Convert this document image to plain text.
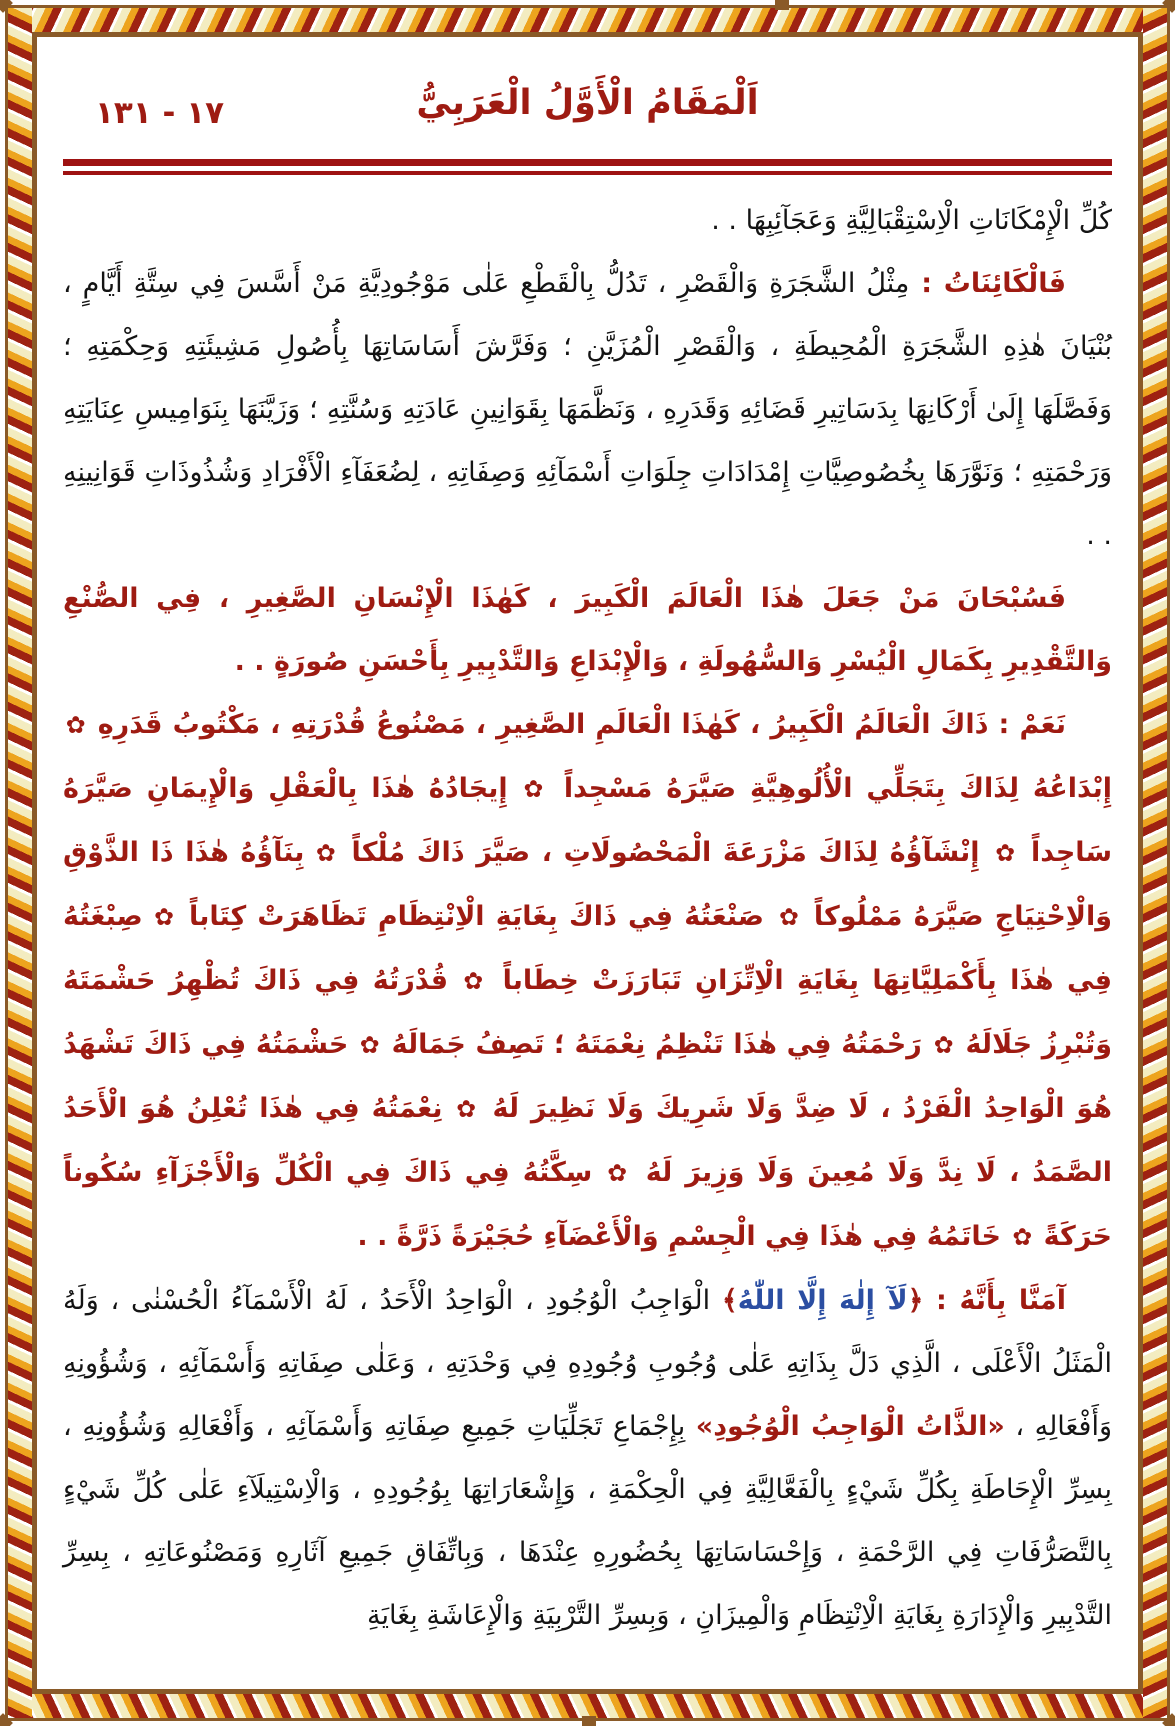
١٧ - ١٣١	اَلْمَقَامُ الْأَوَّلُ الْعَرَبِيُّ
كُلِّ الْإِمْكَانَاتِ الْاِسْتِقْبَالِيَّةِ وَعَجَآئِبِهَا . .
فَالْكَائِنَاتُ : مِثْلُ الشَّجَرَةِ وَالْقَصْرِ ، تَدُلُّ بِالْقَطْعِ عَلٰى مَوْجُودِيَّةِ مَنْ أَسَّسَ فِي سِتَّةِ أَيَّامٍ ، بُنْيَانَ هٰذِهِ الشَّجَرَةِ الْمُحِيطَةِ ، وَالْقَصْرِ الْمُزَيَّنِ ؛ وَفَرَّشَ أَسَاسَاتِهَا بِأُصُولِ مَشِيئَتِهِ وَحِكْمَتِهِ ؛ وَفَصَّلَهَا إِلَىٰ أَرْكَانِهَا بِدَسَاتِيرِ قَضَائِهِ وَقَدَرِهِ ، وَنَظَّمَهَا بِقَوَانِينِ عَادَتِهِ وَسُنَّتِهِ ؛ وَزَيَّنَهَا بِنَوَامِيسِ عِنَايَتِهِ وَرَحْمَتِهِ ؛ وَنَوَّرَهَا بِخُصُوصِيَّاتِ إِمْدَادَاتِ جِلَوَاتِ أَسْمَآئِهِ وَصِفَاتِهِ ، لِضُعَفَآءِ الْأَفْرَادِ وَشُذُوذَاتِ قَوَانِينِهِ . .
فَسُبْحَانَ مَنْ جَعَلَ هٰذَا الْعَالَمَ الْكَبِيرَ ، كَهٰذَا الْإِنْسَانِ الصَّغِيرِ ، فِي الصُّنْعِ وَالتَّقْدِيرِ بِكَمَالِ الْيُسْرِ وَالسُّهُولَةِ ، وَالْإِبْدَاعِ وَالتَّدْبِيرِ بِأَحْسَنِ صُورَةٍ . .
نَعَمْ : ذَاكَ الْعَالَمُ الْكَبِيرُ ، كَهٰذَا الْعَالَمِ الصَّغِيرِ ، مَصْنُوعُ قُدْرَتِهِ ، مَكْتُوبُ قَدَرِهِ ✿ إِبْدَاعُهُ لِذَاكَ بِتَجَلِّي الْأُلُوهِيَّةِ صَيَّرَهُ مَسْجِداً ✿ إِيجَادُهُ هٰذَا بِالْعَقْلِ وَالْإِيمَانِ صَيَّرَهُ سَاجِداً ✿ إِنْشَآؤُهُ لِذَاكَ مَزْرَعَةَ الْمَحْصُولَاتِ ، صَيَّرَ ذَاكَ مُلْكاً ✿ بِنَآؤُهُ هٰذَا ذَا الذَّوْقِ وَالْاِحْتِيَاجِ صَيَّرَهُ مَمْلُوكاً ✿ صَنْعَتُهُ فِي ذَاكَ بِغَايَةِ الْاِنْتِظَامِ تَظَاهَرَتْ كِتَاباً ✿ صِبْغَتُهُ فِي هٰذَا بِأَكْمَلِيَّاتِهَا بِغَايَةِ الْاِتِّزَانِ تَبَارَزَتْ خِطَاباً ✿ قُدْرَتُهُ فِي ذَاكَ تُظْهِرُ حَشْمَتَهُ وَتُبْرِزُ جَلَالَهُ ✿ رَحْمَتُهُ فِي هٰذَا تَنْظِمُ نِعْمَتَهُ ؛ تَصِفُ جَمَالَهُ ✿ حَشْمَتُهُ فِي ذَاكَ تَشْهَدُ هُوَ الْوَاحِدُ الْفَرْدُ ، لَا ضِدَّ وَلَا شَرِيكَ وَلَا نَظِيرَ لَهُ ✿ نِعْمَتُهُ فِي هٰذَا تُعْلِنُ هُوَ الْأَحَدُ الصَّمَدُ ، لَا نِدَّ وَلَا مُعِينَ وَلَا وَزِيرَ لَهُ ✿ سِكَّتُهُ فِي ذَاكَ فِي الْكُلِّ وَالْأَجْزَآءِ سُكُوناً حَرَكَةً ✿ خَاتَمُهُ فِي هٰذَا فِي الْجِسْمِ وَالْأَعْضَآءِ حُجَيْرَةً ذَرَّةً . .
آمَنَّا بِأَنَّهُ : ﴿لَآ إِلٰهَ إِلَّا اللّٰهُ﴾ الْوَاجِبُ الْوُجُودِ ، الْوَاحِدُ الْأَحَدُ ، لَهُ الْأَسْمَآءُ الْحُسْنٰى ، وَلَهُ الْمَثَلُ الْأَعْلَى ، الَّذِي دَلَّ بِذَاتِهِ عَلٰى وُجُوبِ وُجُودِهِ فِي وَحْدَتِهِ ، وَعَلٰى صِفَاتِهِ وَأَسْمَآئِهِ ، وَشُؤُونِهِ وَأَفْعَالِهِ ، «الذَّاتُ الْوَاجِبُ الْوُجُودِ» بِإِجْمَاعِ تَجَلِّيَاتِ جَمِيعِ صِفَاتِهِ وَأَسْمَآئِهِ ، وَأَفْعَالِهِ وَشُؤُونِهِ ، بِسِرِّ الْإِحَاطَةِ بِكُلِّ شَيْءٍ بِالْفَعَّالِيَّةِ فِي الْحِكْمَةِ ، وَإِشْعَارَاتِهَا بِوُجُودِهِ ، وَالْاِسْتِيلَآءِ عَلٰى كُلِّ شَيْءٍ بِالتَّصَرُّفَاتِ فِي الرَّحْمَةِ ، وَإِحْسَاسَاتِهَا بِحُضُورِهِ عِنْدَهَا ، وَبِاتِّفَاقِ جَمِيعِ آثَارِهِ وَمَصْنُوعَاتِهِ ، بِسِرِّ التَّدْبِيرِ وَالْإِدَارَةِ بِغَايَةِ الْاِنْتِظَامِ وَالْمِيزَانِ ، وَبِسِرِّ التَّرْبِيَةِ وَالْإِعَاشَةِ بِغَايَةِ
